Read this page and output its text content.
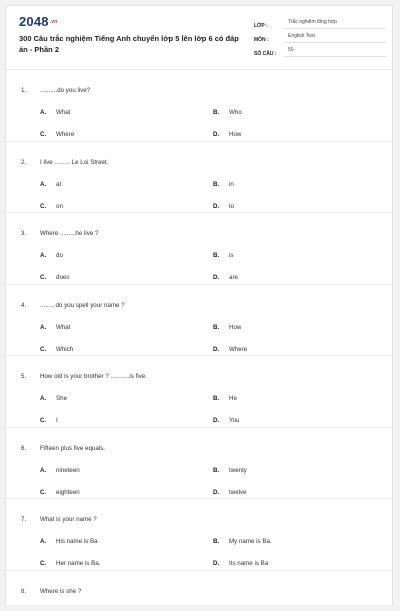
$2048^{.vn}$
300 Câu trắc nghiệm Tiếng Anh chuyển lớp 5 lên lớp 6 có đáp án - Phần 2
LỚP :
Trắc nghiệm tổng hợp
MÔN :
English Test
SỐ CÂU :
50
1.	..........do you live?
A.	What	B.	Who
C.	Where	D.	How
2.	I live ......... Le Loi Street.
A.	at	B.	in
C.	on	D.	to
3.	Where .........he live ?
A.	do	B.	is
C.	does	D.	are
4.	........ do you spell your name ?
A.	What	B.	How
C.	Which	D.	Where
5.	How old is your brother ? ...........is five.
A.	She	B.	He
C.	I	D.	You
6.	Fifteen plus five equals.
A.	nineteen	B.	twenty
C.	eighteen	D.	twelve
7.	What is your name ?
A.	His name is Ba	B.	My name is Ba.
C.	Her name is Ba.	D.	Its name is Ba
8.	Where is she ?
